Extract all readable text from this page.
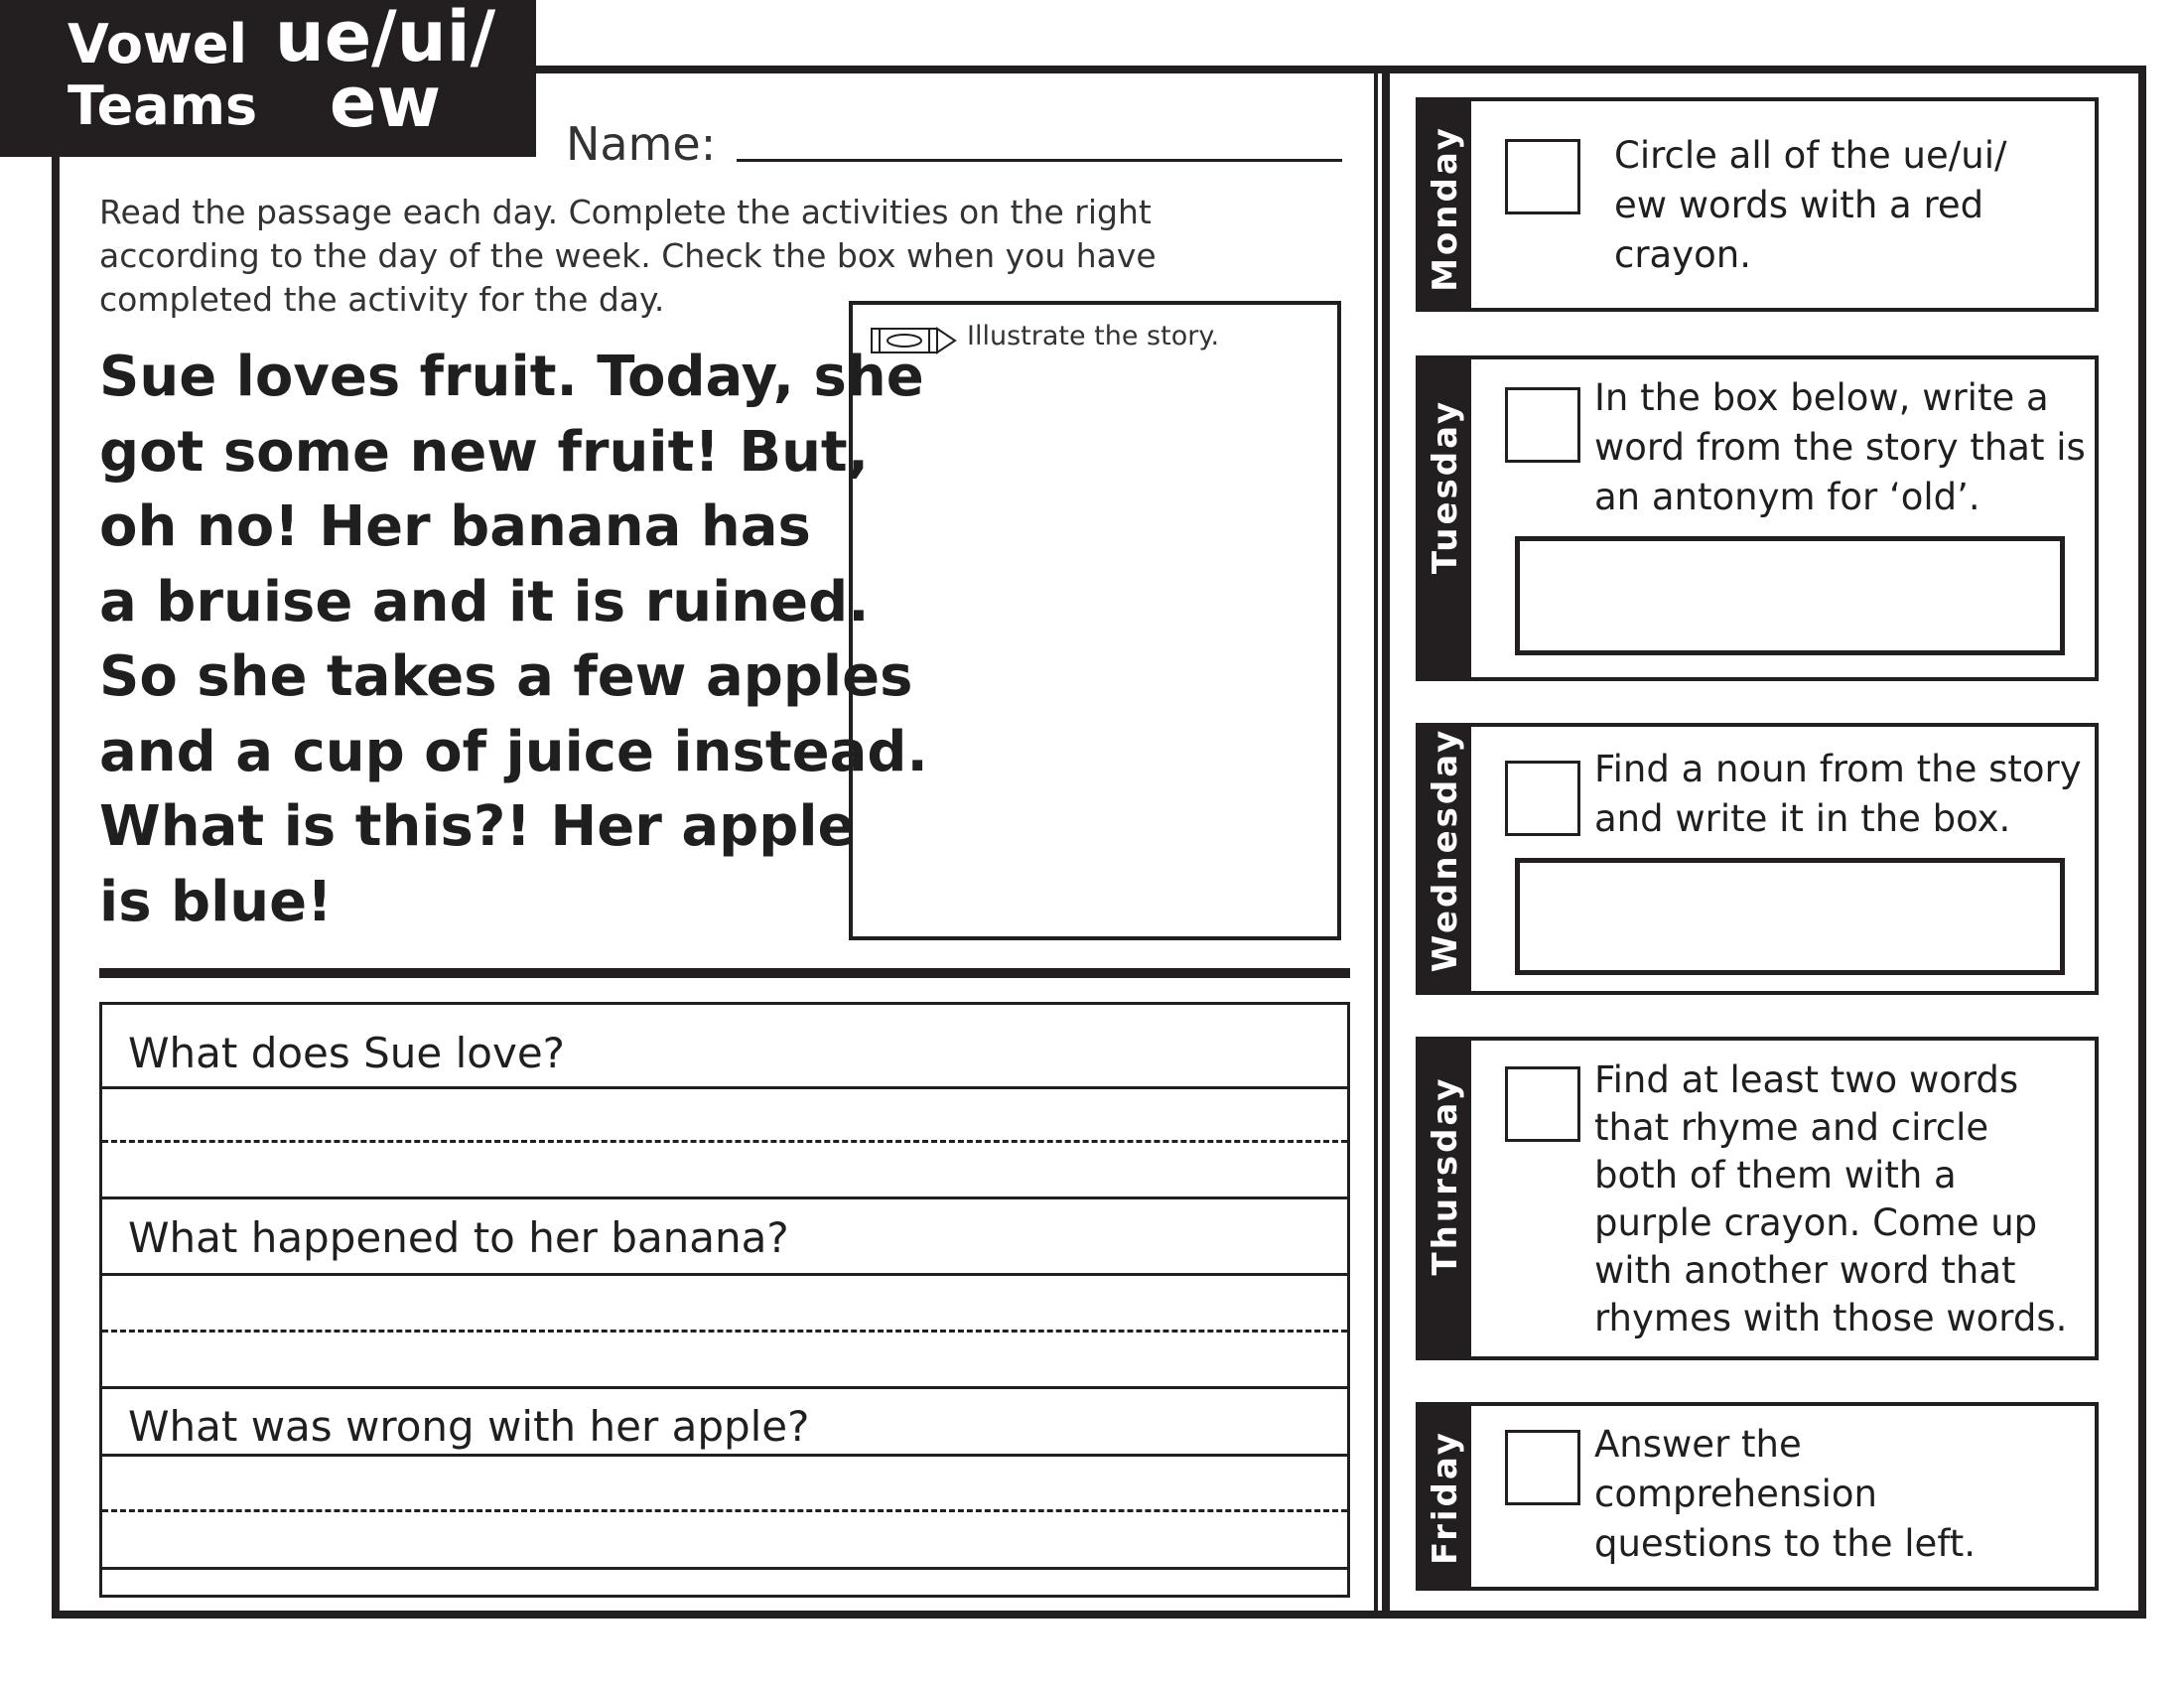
Vowel
Teams
ue/ui/
ew
Name:
Read the passage each day. Complete the activities on the right
according to the day of the week. Check the box when you have
completed the activity for the day.
Sue loves fruit. Today, she
got some new fruit! But,
oh no! Her banana has
a bruise and it is ruined.
So she takes a few apples
and a cup of juice instead.
What is this?! Her apple
is blue!
Illustrate the story.
What does Sue love?
What happened to her banana?
What was wrong with her apple?
Monday	Circle all of the ue/ui/
ew words with a red
crayon.
Tuesday
In the box below, write a
word from the story that is
an antonym for ‘old’.
Wednesday	Find a noun from the story
and write it in the box.
Thursday	Find at least two words
that rhyme and circle
both of them with a
purple crayon. Come up
with another word that
rhymes with those words.
Friday	Answer the comprehension
questions to the left.
